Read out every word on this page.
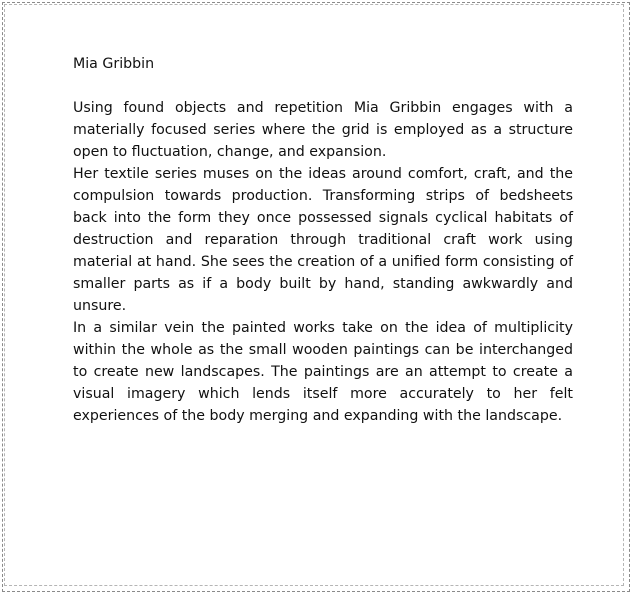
Mia Gribbin

Using found objects and repetition Mia Gribbin engages with a materially focused series where the grid is employed as a structure open to fluctuation, change, and expansion.

Her textile series muses on the ideas around comfort, craft, and the compulsion towards production. Transforming strips of bedsheets back into the form they once possessed signals cyclical habitats of destruction and reparation through traditional craft work using material at hand. She sees the creation of a unified form consisting of smaller parts as if a body built by hand, standing awkwardly and unsure.

In a similar vein the painted works take on the idea of multiplicity within the whole as the small wooden paintings can be interchanged to create new landscapes. The paintings are an attempt to create a visual imagery which lends itself more accurately to her felt experiences of the body merging and expanding with the landscape.
